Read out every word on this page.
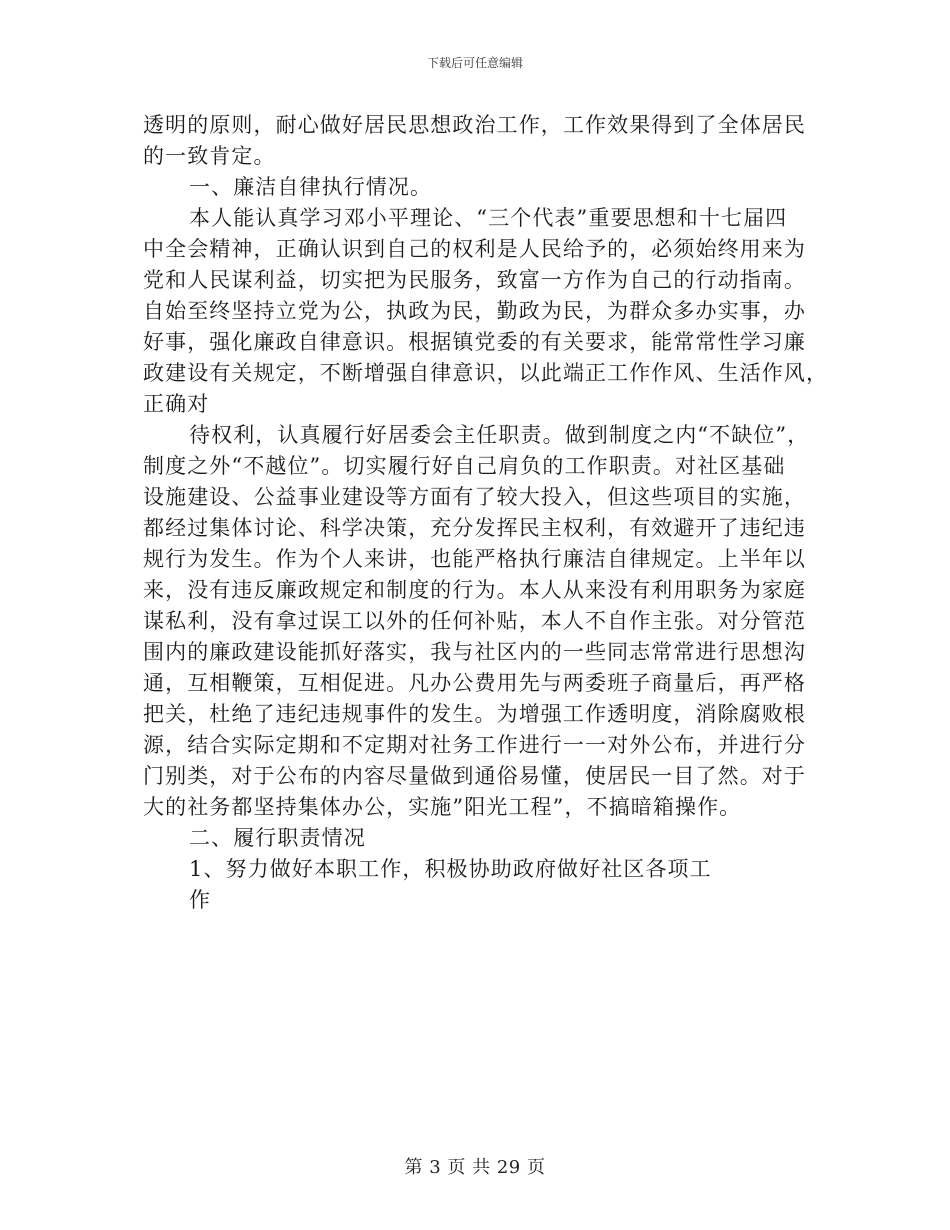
下载后可任意编辑
透明的原则，耐心做好居民思想政治工作，工作效果得到了全体居民
的一致肯定。
一、廉洁自律执行情况。
本人能认真学习邓小平理论、“三个代表”重要思想和十七届四
中全会精神，正确认识到自己的权利是人民给予的，必须始终用来为
党和人民谋利益，切实把为民服务，致富一方作为自己的行动指南。
自始至终坚持立党为公，执政为民，勤政为民，为群众多办实事，办
好事，强化廉政自律意识。根据镇党委的有关要求，能常常性学习廉
政建设有关规定，不断增强自律意识，以此端正工作作风、生活作风，
正确对
待权利，认真履行好居委会主任职责。做到制度之内“不缺位”，
制度之外“不越位”。切实履行好自己肩负的工作职责。对社区基础
设施建设、公益事业建设等方面有了较大投入，但这些项目的实施，
都经过集体讨论、科学决策，充分发挥民主权利，有效避开了违纪违
规行为发生。作为个人来讲，也能严格执行廉洁自律规定。上半年以
来，没有违反廉政规定和制度的行为。本人从来没有利用职务为家庭
谋私利，没有拿过误工以外的任何补贴，本人不自作主张。对分管范
围内的廉政建设能抓好落实，我与社区内的一些同志常常进行思想沟
通，互相鞭策，互相促进。凡办公费用先与两委班子商量后，再严格
把关，杜绝了违纪违规事件的发生。为增强工作透明度，消除腐败根
源，结合实际定期和不定期对社务工作进行一一对外公布，并进行分
门别类，对于公布的内容尽量做到通俗易懂，使居民一目了然。对于
大的社务都坚持集体办公，实施”阳光工程”，不搞暗箱操作。
二、履行职责情况
1、努力做好本职工作，积极协助政府做好社区各项工
作
第 3 页 共 29 页
